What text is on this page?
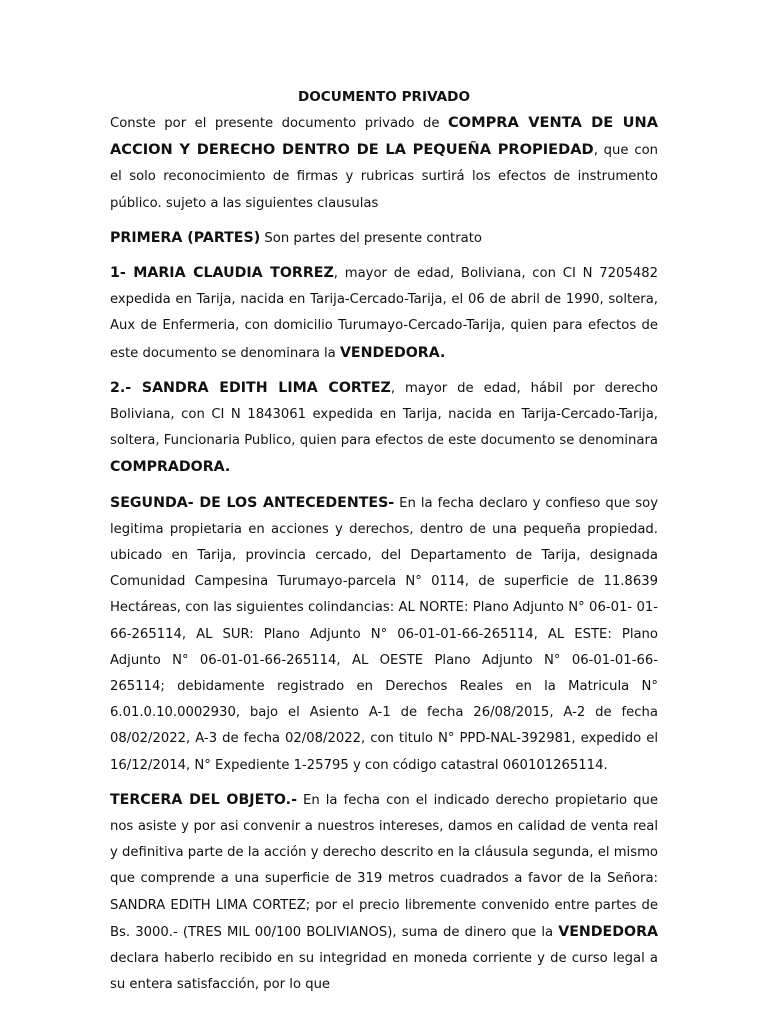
DOCUMENTO PRIVADO

Conste por el presente documento privado de COMPRA VENTA DE UNA ACCION Y DERECHO DENTRO DE LA PEQUEÑA PROPIEDAD, que con el solo reconocimiento de firmas y rubricas surtirá los efectos de instrumento público. sujeto a las siguientes clausulas

PRIMERA (PARTES) Son partes del presente contrato

1- MARIA CLAUDIA TORREZ, mayor de edad, Boliviana, con CI N 7205482 expedida en Tarija, nacida en Tarija-Cercado-Tarija, el 06 de abril de 1990, soltera, Aux de Enfermeria, con domicilio Turumayo-Cercado-Tarija, quien para efectos de este documento se denominara la VENDEDORA.

2.- SANDRA EDITH LIMA CORTEZ, mayor de edad, hábil por derecho Boliviana, con CI N 1843061 expedida en Tarija, nacida en Tarija-Cercado-Tarija, soltera, Funcionaria Publico, quien para efectos de este documento se denominara COMPRADORA.

SEGUNDA- DE LOS ANTECEDENTES- En la fecha declaro y confieso que soy legitima propietaria en acciones y derechos, dentro de una pequeña propiedad. ubicado en Tarija, provincia cercado, del Departamento de Tarija, designada Comunidad Campesina Turumayo-parcela N° 0114, de superficie de 11.8639 Hectáreas, con las siguientes colindancias: AL NORTE: Plano Adjunto N° 06-01- 01-66-265114, AL SUR: Plano Adjunto N° 06-01-01-66-265114, AL ESTE: Plano Adjunto N° 06-01-01-66-265114, AL OESTE Plano Adjunto N° 06-01-01-66- 265114; debidamente registrado en Derechos Reales en la Matricula N° 6.01.0.10.0002930, bajo el Asiento A-1 de fecha 26/08/2015, A-2 de fecha 08/02/2022, A-3 de fecha 02/08/2022, con titulo N° PPD-NAL-392981, expedido el 16/12/2014, N° Expediente 1-25795 y con código catastral 060101265114.

TERCERA DEL OBJETO.- En la fecha con el indicado derecho propietario que nos asiste y por asi convenir a nuestros intereses, damos en calidad de venta real y definitiva parte de la acción y derecho descrito en la cláusula segunda, el mismo que comprende a una superficie de 319 metros cuadrados a favor de la Señora: SANDRA EDITH LIMA CORTEZ; por el precio libremente convenido entre partes de Bs. 3000.- (TRES MIL 00/100 BOLIVIANOS), suma de dinero que la VENDEDORA declara haberlo recibido en su integridad en moneda corriente y de curso legal a su entera satisfacción, por lo que
